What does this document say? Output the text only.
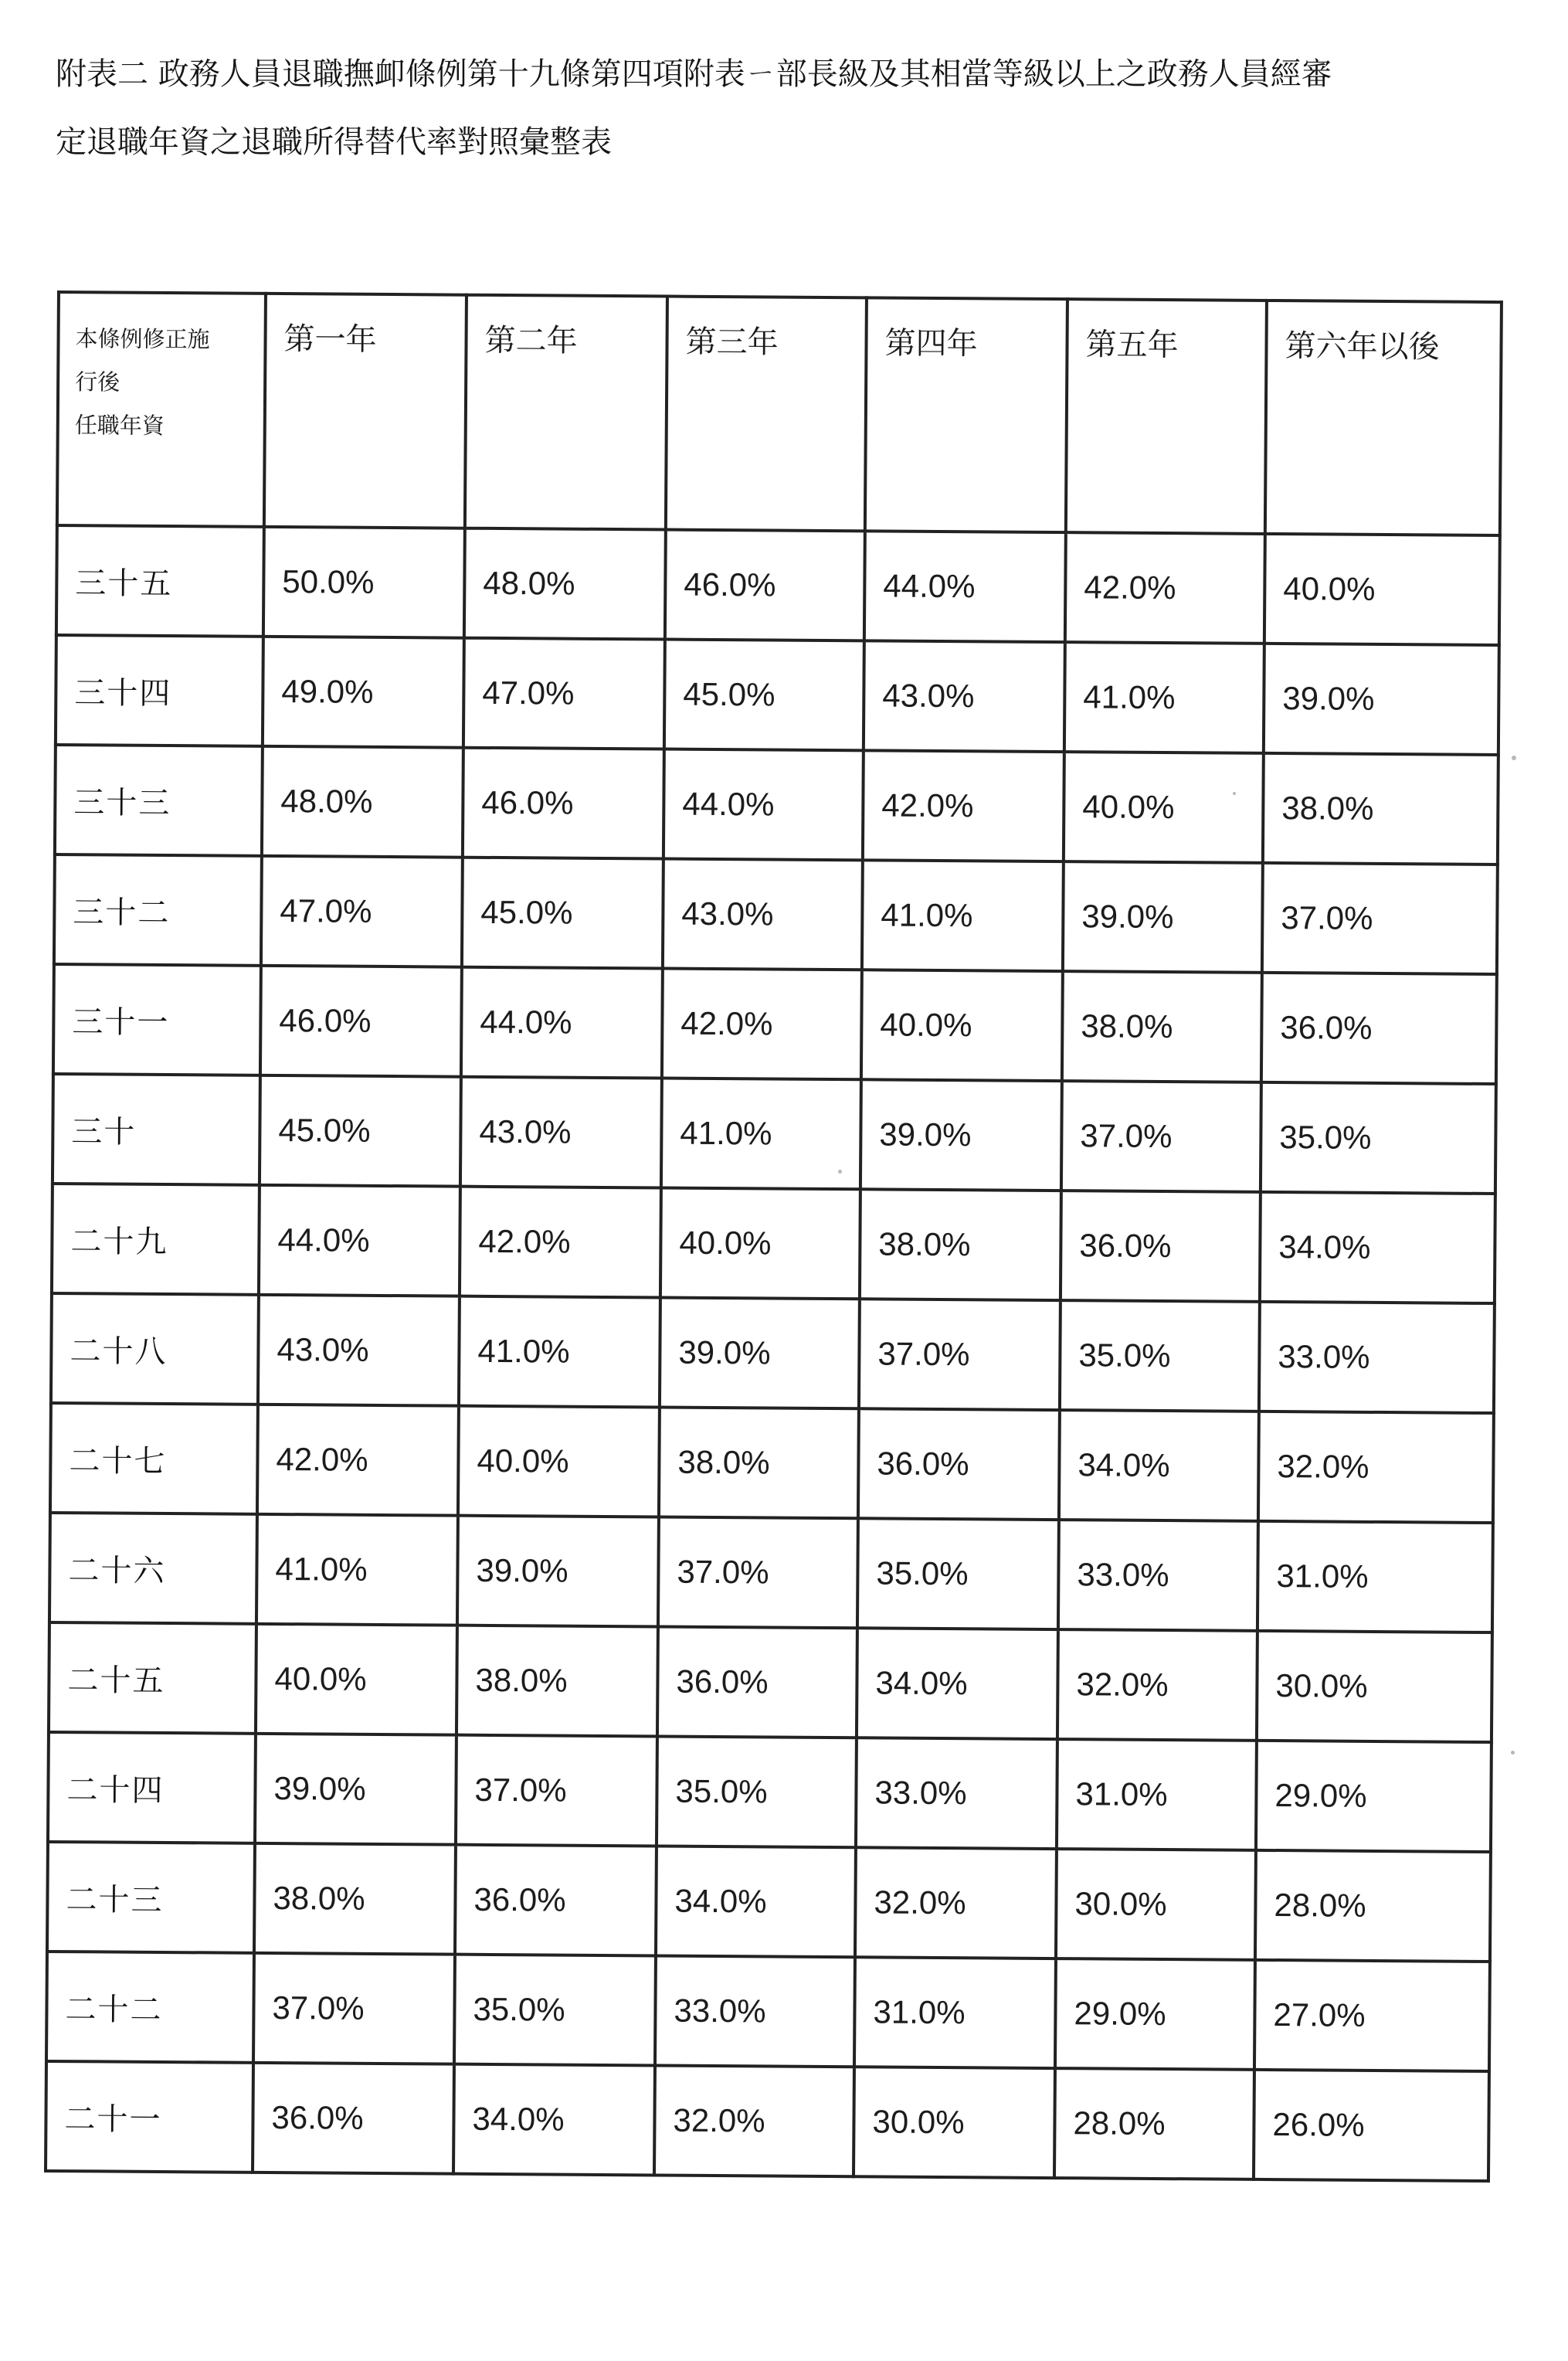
附表二 政務人員退職撫卹條例第十九條第四項附表ㄧ部長級及其相當等級以上之政務人員經審
定退職年資之退職所得替代率對照彙整表
本條例修正施
行後
任職年資	第一年	第二年	第三年	第四年	第五年	第六年以後

三十五	50.0%	48.0%	46.0%	44.0%	42.0%	40.0%
三十四	49.0%	47.0%	45.0%	43.0%	41.0%	39.0%
三十三	48.0%	46.0%	44.0%	42.0%	40.0%	38.0%
三十二	47.0%	45.0%	43.0%	41.0%	39.0%	37.0%
三十一	46.0%	44.0%	42.0%	40.0%	38.0%	36.0%
三十	45.0%	43.0%	41.0%	39.0%	37.0%	35.0%
二十九	44.0%	42.0%	40.0%	38.0%	36.0%	34.0%
二十八	43.0%	41.0%	39.0%	37.0%	35.0%	33.0%
二十七	42.0%	40.0%	38.0%	36.0%	34.0%	32.0%
二十六	41.0%	39.0%	37.0%	35.0%	33.0%	31.0%
二十五	40.0%	38.0%	36.0%	34.0%	32.0%	30.0%
二十四	39.0%	37.0%	35.0%	33.0%	31.0%	29.0%
二十三	38.0%	36.0%	34.0%	32.0%	30.0%	28.0%
二十二	37.0%	35.0%	33.0%	31.0%	29.0%	27.0%
二十一	36.0%	34.0%	32.0%	30.0%	28.0%	26.0%
